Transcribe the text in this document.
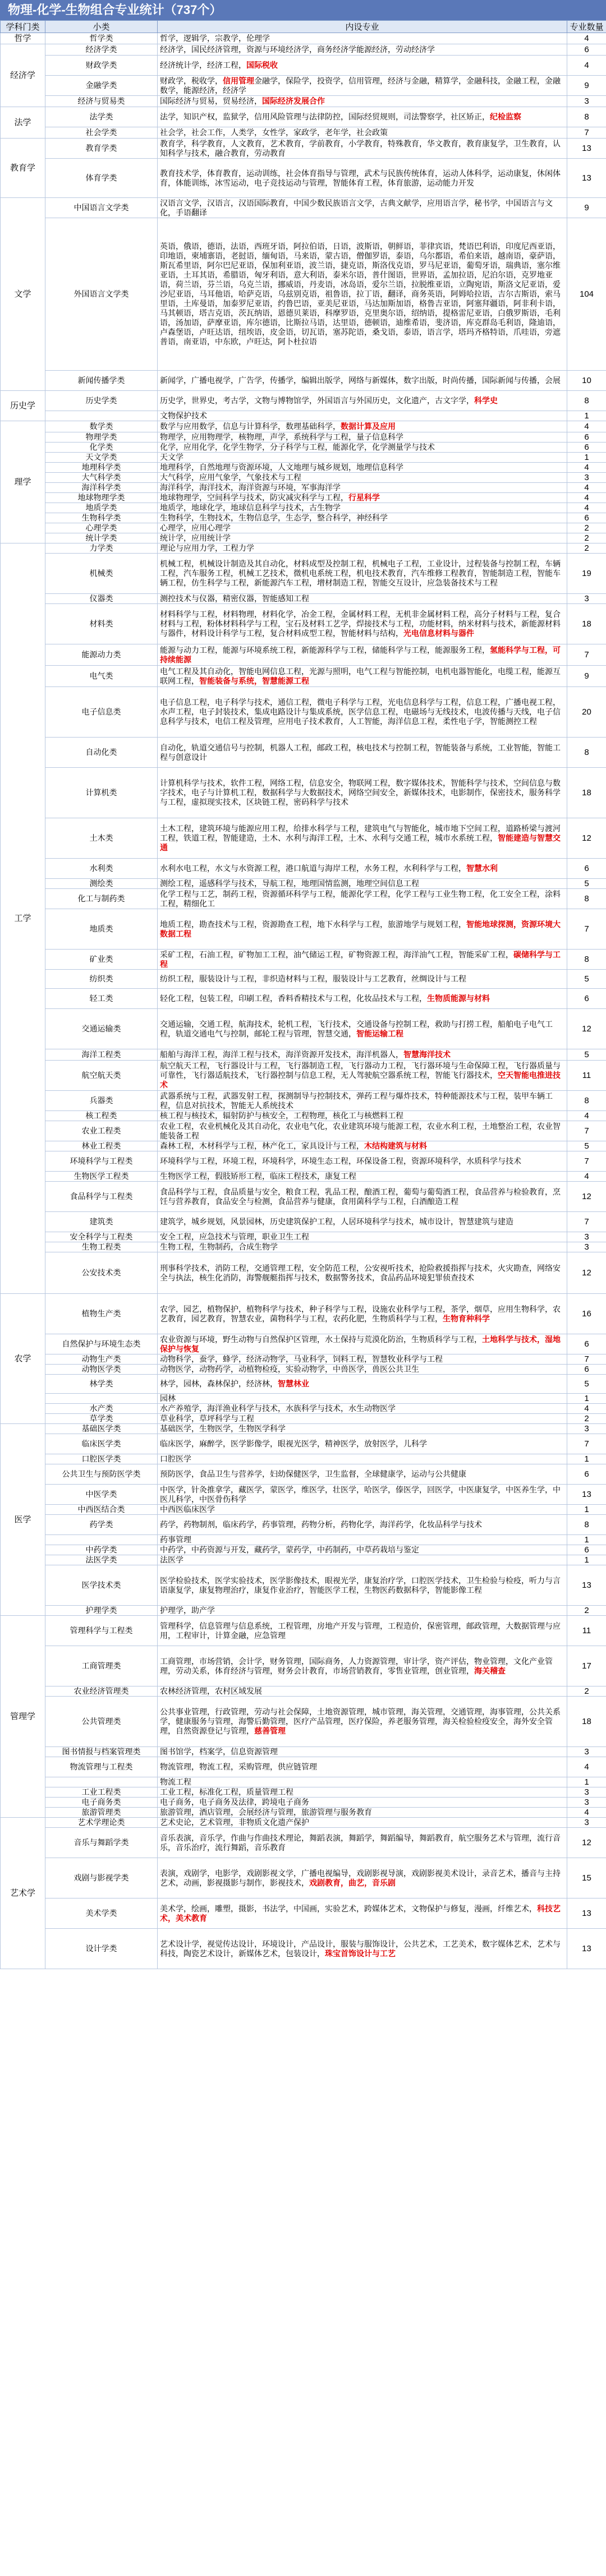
物理-化学-生物组合专业统计（737个）
学科门类	小类	内设专业	专业数量
哲学	哲学类	哲学，逻辑学，宗教学，伦理学	4
经济学	经济学类	经济学，国民经济管理，资源与环境经济学，商务经济学能源经济，劳动经济学	6
	财政学类	经济统计学，经济工程，国际税收	4
	金融学类	财政学，税收学，信用管理金融学，保险学，投资学，信用管理，经济与金融，精算学，金融科技，金融工程，金融数学，能源经济，经济学	9
	经济与贸易类	国际经济与贸易，贸易经济，国际经济发展合作	3
法学	法学类	法学，知识产权，监狱学，信用风险管理与法律防控，国际经贸规则，司法警察学，社区矫正，纪检监察	8
	社会学类	社会学，社会工作，人类学，女性学，家政学，老年学，社会政策	7
教育学	教育学类	教育学，科学教育，人文教育，艺术教育，学前教育，小学教育，特殊教育，华文教育，教育康复学，卫生教育，认知科学与技术，融合教育，劳动教育	13
	体育学类	教育技术学，体育教育，运动训练，社会体育指导与管理，武术与民族传统体育，运动人体科学，运动康复，休闲体育，体能训练，冰雪运动，电子竞技运动与管理，智能体育工程，体育旅游，运动能力开发	13
文学	中国语言文学类	汉语言文学，汉语言，汉语国际教育，中国少数民族语言文学，古典文献学，应用语言学，秘书学，中国语言与文化，手语翻译	9
	外国语言文学类	英语，俄语，德语，法语，西班牙语，阿拉伯语，日语，波斯语，朝鲜语，菲律宾语，梵语巴利语，印度尼西亚语，印地语，柬埔寨语，老挝语，缅甸语，马来语，蒙古语，僧伽罗语，泰语，乌尔都语，希伯来语，越南语，豪萨语，斯瓦希里语，阿尔巴尼亚语，保加利亚语，波兰语，捷克语，斯洛伐克语，罗马尼亚语，葡萄牙语，瑞典语，塞尔维亚语，土耳其语，希腊语，匈牙利语，意大利语，泰米尔语，普什图语，世界语，孟加拉语，尼泊尔语，克罗地亚语，荷兰语，芬兰语，乌克兰语，挪威语，丹麦语，冰岛语，爱尔兰语，拉脱维亚语，立陶宛语，斯洛文尼亚语，爱沙尼亚语，马耳他语，哈萨克语，乌兹别克语，祖鲁语，拉丁语，翻译，商务英语，阿姆哈拉语，吉尔吉斯语，索马里语，土库曼语，加泰罗尼亚语，约鲁巴语，亚美尼亚语，马达加斯加语，格鲁吉亚语，阿塞拜疆语，阿非利卡语，马其顿语，塔吉克语，茨瓦纳语，恩德贝莱语，科摩罗语，克里奥尔语，绍纳语，提格雷尼亚语，白俄罗斯语，毛利语，汤加语，萨摩亚语，库尔德语，比斯拉马语，达里语，德顿语，迪维希语，斐济语，库克群岛毛利语，隆迪语，卢森堡语，卢旺达语，纽埃语，皮金语，切瓦语，塞苏陀语，桑戈语，泰语，语言学，塔玛齐格特语，爪哇语，旁遮普语，南亚语，中东欧，卢旺达，阿卜杜拉语	104
	新闻传播学类	新闻学，广播电视学，广告学，传播学，编辑出版学，网络与新媒体，数字出版，时尚传播，国际新闻与传播，会展	10
历史学	历史学类	历史学，世界史，考古学，文物与博物馆学，外国语言与外国历史，文化遗产，古文字学，科学史	8
		文物保护技术	1
理学	数学类	数学与应用数学，信息与计算科学，数理基础科学，数据计算及应用	4
	物理学类	物理学，应用物理学，核物理，声学，系统科学与工程，量子信息科学	6
	化学类	化学，应用化学，化学生物学，分子科学与工程，能源化学，化学测量学与技术	6
	天文学类	天文学	1
	地理科学类	地理科学，自然地理与资源环境，人文地理与城乡规划，地理信息科学	4
	大气科学类	大气科学，应用气象学，气象技术与工程	3
	海洋科学类	海洋科学，海洋技术，海洋资源与环境，军事海洋学	4
	地球物理学类	地球物理学，空间科学与技术，防灾减灾科学与工程，行星科学	4
	地质学类	地质学，地球化学，地球信息科学与技术，古生物学	4
	生物科学类	生物科学，生物技术，生物信息学，生态学，整合科学，神经科学	6
	心理学类	心理学，应用心理学	2
	统计学类	统计学，应用统计学	2
工学	力学类	理论与应用力学，工程力学	2
	机械类	机械工程，机械设计制造及其自动化，材料成型及控制工程，机械电子工程，工业设计，过程装备与控制工程，车辆工程，汽车服务工程，机械工艺技术，微机电系统工程，机电技术教育，汽车维修工程教育，智能制造工程，智能车辆工程，仿生科学与工程，新能源汽车工程，增材制造工程，智能交互设计，应急装备技术与工程	19
	仪器类	测控技术与仪器，精密仪器，智能感知工程	3
	材料类	材料科学与工程，材料物理，材料化学，冶金工程，金属材料工程，无机非金属材料工程，高分子材料与工程，复合材料与工程，粉体材料科学与工程，宝石及材料工艺学，焊接技术与工程，功能材料，纳米材料与技术，新能源材料与器件，材料设计科学与工程，复合材料成型工程，智能材料与结构，光电信息材料与器件	18
	能源动力类	能源与动力工程，能源与环境系统工程，新能源科学与工程，储能科学与工程，能源服务工程，氢能科学与工程，可持续能源	7
	电气类	电气工程及其自动化，智能电网信息工程，光源与照明，电气工程与智能控制，电机电器智能化，电缆工程，能源互联网工程，智能装备与系统，智慧能源工程	9
	电子信息类	电子信息工程，电子科学与技术，通信工程，微电子科学与工程，光电信息科学与工程，信息工程，广播电视工程，水声工程，电子封装技术，集成电路设计与集成系统，医学信息工程，电磁场与无线技术，电波传播与天线，电子信息科学与技术，电信工程及管理，应用电子技术教育，人工智能，海洋信息工程，柔性电子学，智能测控工程	20
	自动化类	自动化，轨道交通信号与控制，机器人工程，邮政工程，核电技术与控制工程，智能装备与系统，工业智能，智能工程与创意设计	8
	计算机类	计算机科学与技术，软件工程，网络工程，信息安全，物联网工程，数字媒体技术，智能科学与技术，空间信息与数字技术，电子与计算机工程，数据科学与大数据技术，网络空间安全，新媒体技术，电影制作，保密技术，服务科学与工程，虚拟现实技术，区块链工程，密码科学与技术	18
	土木类	土木工程，建筑环境与能源应用工程，给排水科学与工程，建筑电气与智能化，城市地下空间工程，道路桥梁与渡河工程，铁道工程，智能建造，土木、水利与海洋工程，土木、水利与交通工程，城市水系统工程，智能建造与智慧交通	12
	水利类	水利水电工程，水文与水资源工程，港口航道与海岸工程，水务工程，水利科学与工程，智慧水利	6
	测绘类	测绘工程，遥感科学与技术，导航工程，地理国情监测，地理空间信息工程	5
	化工与制药类	化学工程与工艺，制药工程，资源循环科学与工程，能源化学工程，化学工程与工业生物工程，化工安全工程，涂料工程，精细化工	8
	地质类	地质工程，勘查技术与工程，资源勘查工程，地下水科学与工程，旅游地学与规划工程，智能地球探测，资源环境大数据工程	7
	矿业类	采矿工程，石油工程，矿物加工工程，油气储运工程，矿物资源工程，海洋油气工程，智能采矿工程，碳储科学与工程	8
	纺织类	纺织工程，服装设计与工程，非织造材料与工程，服装设计与工艺教育，丝绸设计与工程	5
	轻工类	轻化工程，包装工程，印刷工程，香料香精技术与工程，化妆品技术与工程，生物质能源与材料	6
	交通运输类	交通运输，交通工程，航海技术，轮机工程，飞行技术，交通设备与控制工程，救助与打捞工程，船舶电子电气工程，轨道交通电气与控制，邮轮工程与管理，智慧交通，智能运输工程	12
	海洋工程类	船舶与海洋工程，海洋工程与技术，海洋资源开发技术，海洋机器人，智慧海洋技术	5
	航空航天类	航空航天工程，飞行器设计与工程，飞行器制造工程，飞行器动力工程，飞行器环境与生命保障工程，飞行器质量与可靠性，飞行器适航技术，飞行器控制与信息工程，无人驾驶航空器系统工程，智能飞行器技术，空天智能电推进技术	11
	兵器类	武器系统与工程，武器发射工程，探测制导与控制技术，弹药工程与爆炸技术，特种能源技术与工程，装甲车辆工程，信息对抗技术，智能无人系统技术	8
	核工程类	核工程与核技术，辐射防护与核安全，工程物理，核化工与核燃料工程	4
	农业工程类	农业工程，农业机械化及其自动化，农业电气化，农业建筑环境与能源工程，农业水利工程，土地整治工程，农业智能装备工程	7
	林业工程类	森林工程，木材科学与工程，林产化工，家具设计与工程，木结构建筑与材料	5
	环境科学与工程类	环境科学与工程，环境工程，环境科学，环境生态工程，环保设备工程，资源环境科学，水质科学与技术	7
	生物医学工程类	生物医学工程，假肢矫形工程，临床工程技术，康复工程	4
	食品科学与工程类	食品科学与工程，食品质量与安全，粮食工程，乳品工程，酿酒工程，葡萄与葡萄酒工程，食品营养与检验教育，烹饪与营养教育，食品安全与检测，食品营养与健康，食用菌科学与工程，白酒酿造工程	12
	建筑类	建筑学，城乡规划，风景园林，历史建筑保护工程，人居环境科学与技术，城市设计，智慧建筑与建造	7
	安全科学与工程类	安全工程，应急技术与管理，职业卫生工程	3
	生物工程类	生物工程，生物制药，合成生物学	3
	公安技术类	刑事科学技术，消防工程，交通管理工程，安全防范工程，公安视听技术，抢险救援指挥与技术，火灾勘查，网络安全与执法，核生化消防，海警舰艇指挥与技术，数据警务技术，食品药品环境犯罪侦查技术	12
农学	植物生产类	农学，园艺，植物保护，植物科学与技术，种子科学与工程，设施农业科学与工程，茶学，烟草，应用生物科学，农艺教育，园艺教育，智慧农业，菌物科学与工程，农药化肥，生物质科学与工程，生物育种科学	16
	自然保护与环境生态类	农业资源与环境，野生动物与自然保护区管理，水土保持与荒漠化防治，生物质科学与工程，土地科学与技术，湿地保护与恢复	6
	动物生产类	动物科学，蚕学，蜂学，经济动物学，马业科学，饲料工程，智慧牧业科学与工程	7
	动物医学类	动物医学，动物药学，动植物检疫，实验动物学，中兽医学，兽医公共卫生	6
	林学类	林学，园林，森林保护，经济林，智慧林业	5
		园林	1
	水产类	水产养殖学，海洋渔业科学与技术，水族科学与技术，水生动物医学	4
	草学类	草业科学，草坪科学与工程	2
医学	基础医学类	基础医学，生物医学，生物医学科学	3
	临床医学类	临床医学，麻醉学，医学影像学，眼视光医学，精神医学，放射医学，儿科学	7
	口腔医学类	口腔医学	1
	公共卫生与预防医学类	预防医学，食品卫生与营养学，妇幼保健医学，卫生监督，全球健康学，运动与公共健康	6
	中医学类	中医学，针灸推拿学，藏医学，蒙医学，维医学，壮医学，哈医学，傣医学，回医学，中医康复学，中医养生学，中医儿科学，中医骨伤科学	13
	中西医结合类	中西医临床医学	1
	药学类	药学，药物制剂，临床药学，药事管理，药物分析，药物化学，海洋药学，化妆品科学与技术	8
		药事管理	1
	中药学类	中药学，中药资源与开发，藏药学，蒙药学，中药制药，中草药栽培与鉴定	6
	法医学类	法医学	1
	医学技术类	医学检验技术，医学实验技术，医学影像技术，眼视光学，康复治疗学，口腔医学技术，卫生检验与检疫，听力与言语康复学，康复物理治疗，康复作业治疗，智能医学工程，生物医药数据科学，智能影像工程	13
	护理学类	护理学，助产学	2
管理学	管理科学与工程类	管理科学，信息管理与信息系统，工程管理，房地产开发与管理，工程造价，保密管理，邮政管理，大数据管理与应用，工程审计，计算金融，应急管理	11
	工商管理类	工商管理，市场营销，会计学，财务管理，国际商务，人力资源管理，审计学，资产评估，物业管理，文化产业管理，劳动关系，体育经济与管理，财务会计教育，市场营销教育，零售业管理，创业管理，海关稽查	17
	农业经济管理类	农林经济管理，农村区域发展	2
	公共管理类	公共事业管理，行政管理，劳动与社会保障，土地资源管理，城市管理，海关管理，交通管理，海事管理，公共关系学，健康服务与管理，海警后勤管理，医疗产品管理，医疗保险，养老服务管理，海关检验检疫安全，海外安全管理，自然资源登记与管理，慈善管理	18
	图书情报与档案管理类	图书馆学，档案学，信息资源管理	3
	物流管理与工程类	物流管理，物流工程，采购管理，供应链管理	4
		物流工程	1
	工业工程类	工业工程，标准化工程，质量管理工程	3
	电子商务类	电子商务，电子商务及法律，跨境电子商务	3
	旅游管理类	旅游管理，酒店管理，会展经济与管理，旅游管理与服务教育	4
艺术学	艺术学理论类	艺术史论，艺术管理，非物质文化遗产保护	3
	音乐与舞蹈学类	音乐表演，音乐学，作曲与作曲技术理论，舞蹈表演，舞蹈学，舞蹈编导，舞蹈教育，航空服务艺术与管理，流行音乐，音乐治疗，流行舞蹈，音乐教育	12
	戏剧与影视学类	表演，戏剧学，电影学，戏剧影视文学，广播电视编导，戏剧影视导演，戏剧影视美术设计，录音艺术，播音与主持艺术，动画，影视摄影与制作，影视技术，戏剧教育，曲艺，音乐剧	15
	美术学类	美术学，绘画，雕塑，摄影，书法学，中国画，实验艺术，跨媒体艺术，文物保护与修复，漫画，纤维艺术，科技艺术，美术教育	13
	设计学类	艺术设计学，视觉传达设计，环境设计，产品设计，服装与服饰设计，公共艺术，工艺美术，数字媒体艺术，艺术与科技，陶瓷艺术设计，新媒体艺术，包装设计，珠宝首饰设计与工艺	13
